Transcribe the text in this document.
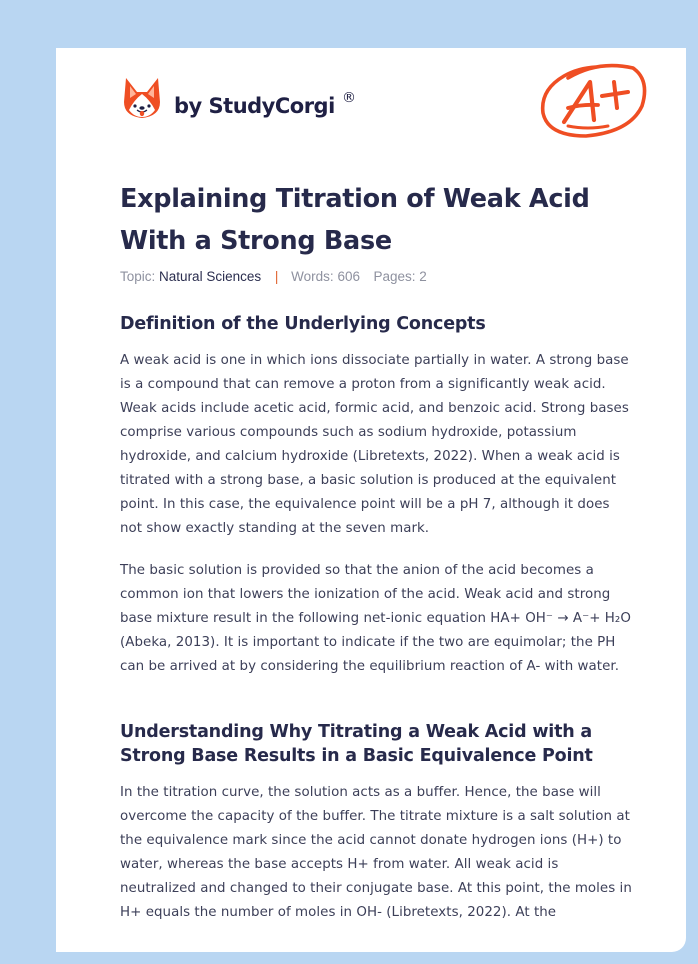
by StudyCorgi ®
Explaining Titration of Weak Acid With a Strong Base
Topic: Natural Sciences | Words: 606 Pages: 2
Definition of the Underlying Concepts

A weak acid is one in which ions dissociate partially in water. A strong base is a compound that can remove a proton from a significantly weak acid. Weak acids include acetic acid, formic acid, and benzoic acid. Strong bases comprise various compounds such as sodium hydroxide, potassium hydroxide, and calcium hydroxide (Libretexts, 2022). When a weak acid is titrated with a strong base, a basic solution is produced at the equivalent point. In this case, the equivalence point will be a pH 7, although it does not show exactly standing at the seven mark.

The basic solution is provided so that the anion of the acid becomes a common ion that lowers the ionization of the acid. Weak acid and strong base mixture result in the following net-ionic equation HA+ OH⁻ → A⁻+ H₂O (Abeka, 2013). It is important to indicate if the two are equimolar; the PH can be arrived at by considering the equilibrium reaction of A- with water.

Understanding Why Titrating a Weak Acid with a Strong Base Results in a Basic Equivalence Point

In the titration curve, the solution acts as a buffer. Hence, the base will overcome the capacity of the buffer. The titrate mixture is a salt solution at the equivalence mark since the acid cannot donate hydrogen ions (H+) to water, whereas the base accepts H+ from water. All weak acid is neutralized and changed to their conjugate base. At this point, the moles in H+ equals the number of moles in OH- (Libretexts, 2022). At the
